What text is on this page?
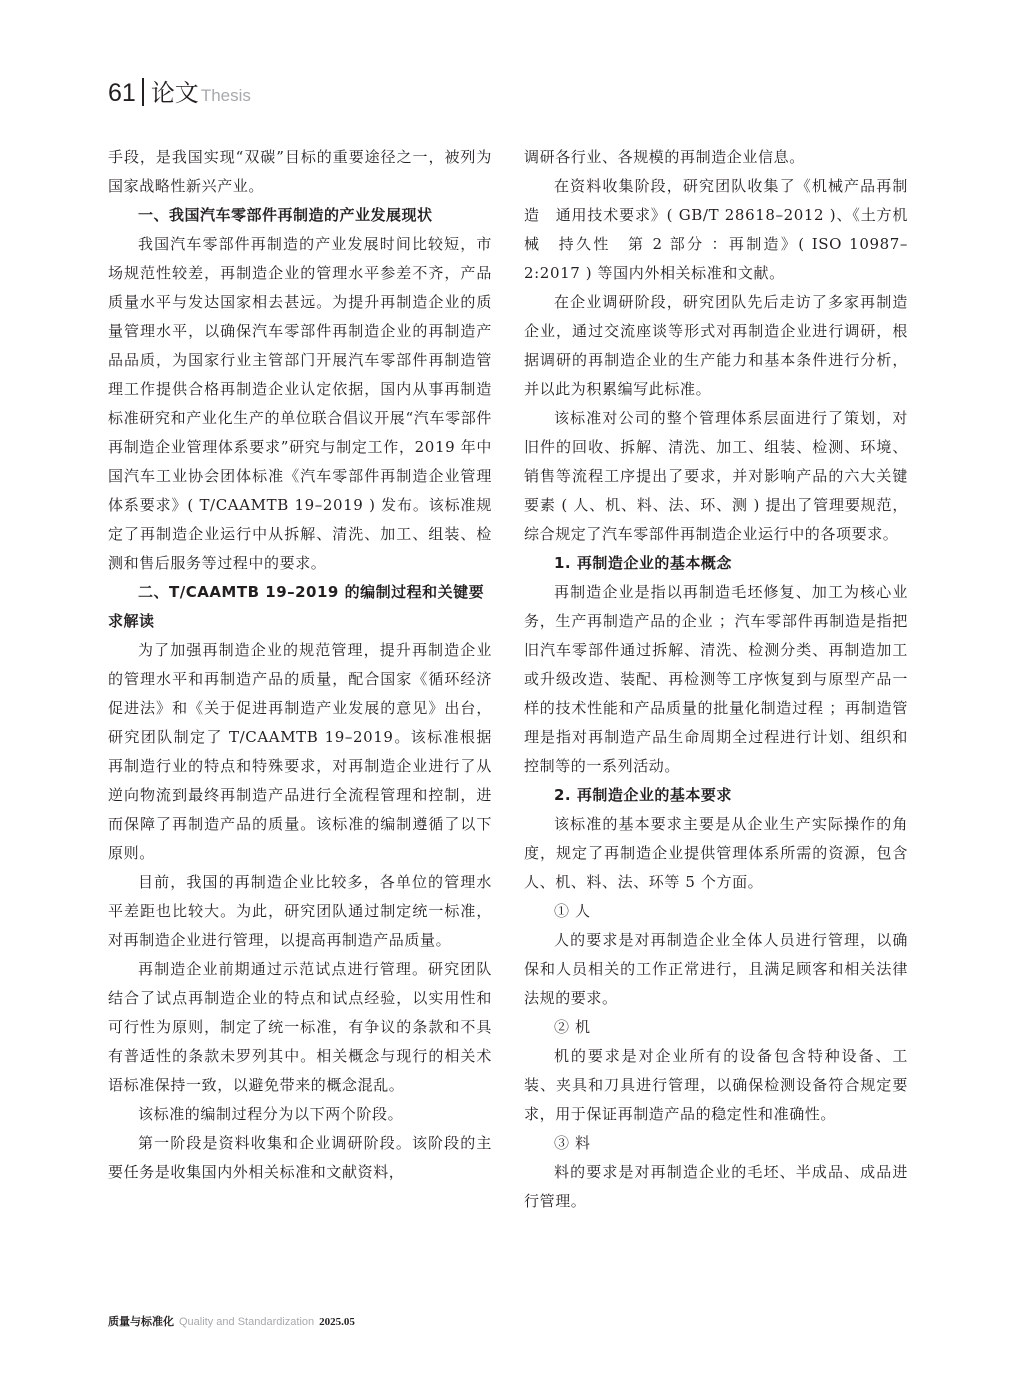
61 论文 Thesis

手段，是我国实现“双碳”目标的重要途径之一，被列为国家战略性新兴产业。

一、我国汽车零部件再制造的产业发展现状

我国汽车零部件再制造的产业发展时间比较短，市场规范性较差，再制造企业的管理水平参差不齐，产品质量水平与发达国家相去甚远。为提升再制造企业的质量管理水平，以确保汽车零部件再制造企业的再制造产品品质，为国家行业主管部门开展汽车零部件再制造管理工作提供合格再制造企业认定依据，国内从事再制造标准研究和产业化生产的单位联合倡议开展“汽车零部件再制造企业管理体系要求”研究与制定工作，2019 年中国汽车工业协会团体标准《汽车零部件再制造企业管理体系要求》( T/CAAMTB 19–2019 ) 发布。该标准规定了再制造企业运行中从拆解、清洗、加工、组装、检测和售后服务等过程中的要求。

二、T/CAAMTB 19–2019 的编制过程和关键要求解读

为了加强再制造企业的规范管理，提升再制造企业的管理水平和再制造产品的质量，配合国家《循环经济促进法》和《关于促进再制造产业发展的意见》出台，研究团队制定了 T/CAAMTB 19–2019。该标准根据再制造行业的特点和特殊要求，对再制造企业进行了从逆向物流到最终再制造产品进行全流程管理和控制，进而保障了再制造产品的质量。该标准的编制遵循了以下原则。

目前，我国的再制造企业比较多，各单位的管理水平差距也比较大。为此，研究团队通过制定统一标准，对再制造企业进行管理，以提高再制造产品质量。

再制造企业前期通过示范试点进行管理。研究团队结合了试点再制造企业的特点和试点经验，以实用性和可行性为原则，制定了统一标准，有争议的条款和不具有普适性的条款未罗列其中。相关概念与现行的相关术语标准保持一致，以避免带来的概念混乱。

该标准的编制过程分为以下两个阶段。

第一阶段是资料收集和企业调研阶段。该阶段的主要任务是收集国内外相关标准和文献资料，

调研各行业、各规模的再制造企业信息。

在资料收集阶段，研究团队收集了《机械产品再制造　通用技术要求》( GB/T 28618–2012 )、《土方机械　持久性　第 2 部分 ：再制造》( ISO 10987–2:2017 ) 等国内外相关标准和文献。

在企业调研阶段，研究团队先后走访了多家再制造企业，通过交流座谈等形式对再制造企业进行调研，根据调研的再制造企业的生产能力和基本条件进行分析，并以此为积累编写此标准。

该标准对公司的整个管理体系层面进行了策划，对旧件的回收、拆解、清洗、加工、组装、检测、环境、销售等流程工序提出了要求，并对影响产品的六大关键要素 ( 人、机、料、法、环、测 ) 提出了管理要规范，综合规定了汽车零部件再制造企业运行中的各项要求。

1. 再制造企业的基本概念

再制造企业是指以再制造毛坯修复、加工为核心业务，生产再制造产品的企业 ；汽车零部件再制造是指把旧汽车零部件通过拆解、清洗、检测分类、再制造加工或升级改造、装配、再检测等工序恢复到与原型产品一样的技术性能和产品质量的批量化制造过程 ；再制造管理是指对再制造产品生命周期全过程进行计划、组织和控制等的一系列活动。

2. 再制造企业的基本要求

该标准的基本要求主要是从企业生产实际操作的角度，规定了再制造企业提供管理体系所需的资源，包含人、机、料、法、环等 5 个方面。

① 人

人的要求是对再制造企业全体人员进行管理，以确保和人员相关的工作正常进行，且满足顾客和相关法律法规的要求。

② 机

机的要求是对企业所有的设备包含特种设备、工装、夹具和刀具进行管理，以确保检测设备符合规定要求，用于保证再制造产品的稳定性和准确性。

③ 料

料的要求是对再制造企业的毛坯、半成品、成品进行管理。

质量与标准化 Quality and Standardization 2025.05
